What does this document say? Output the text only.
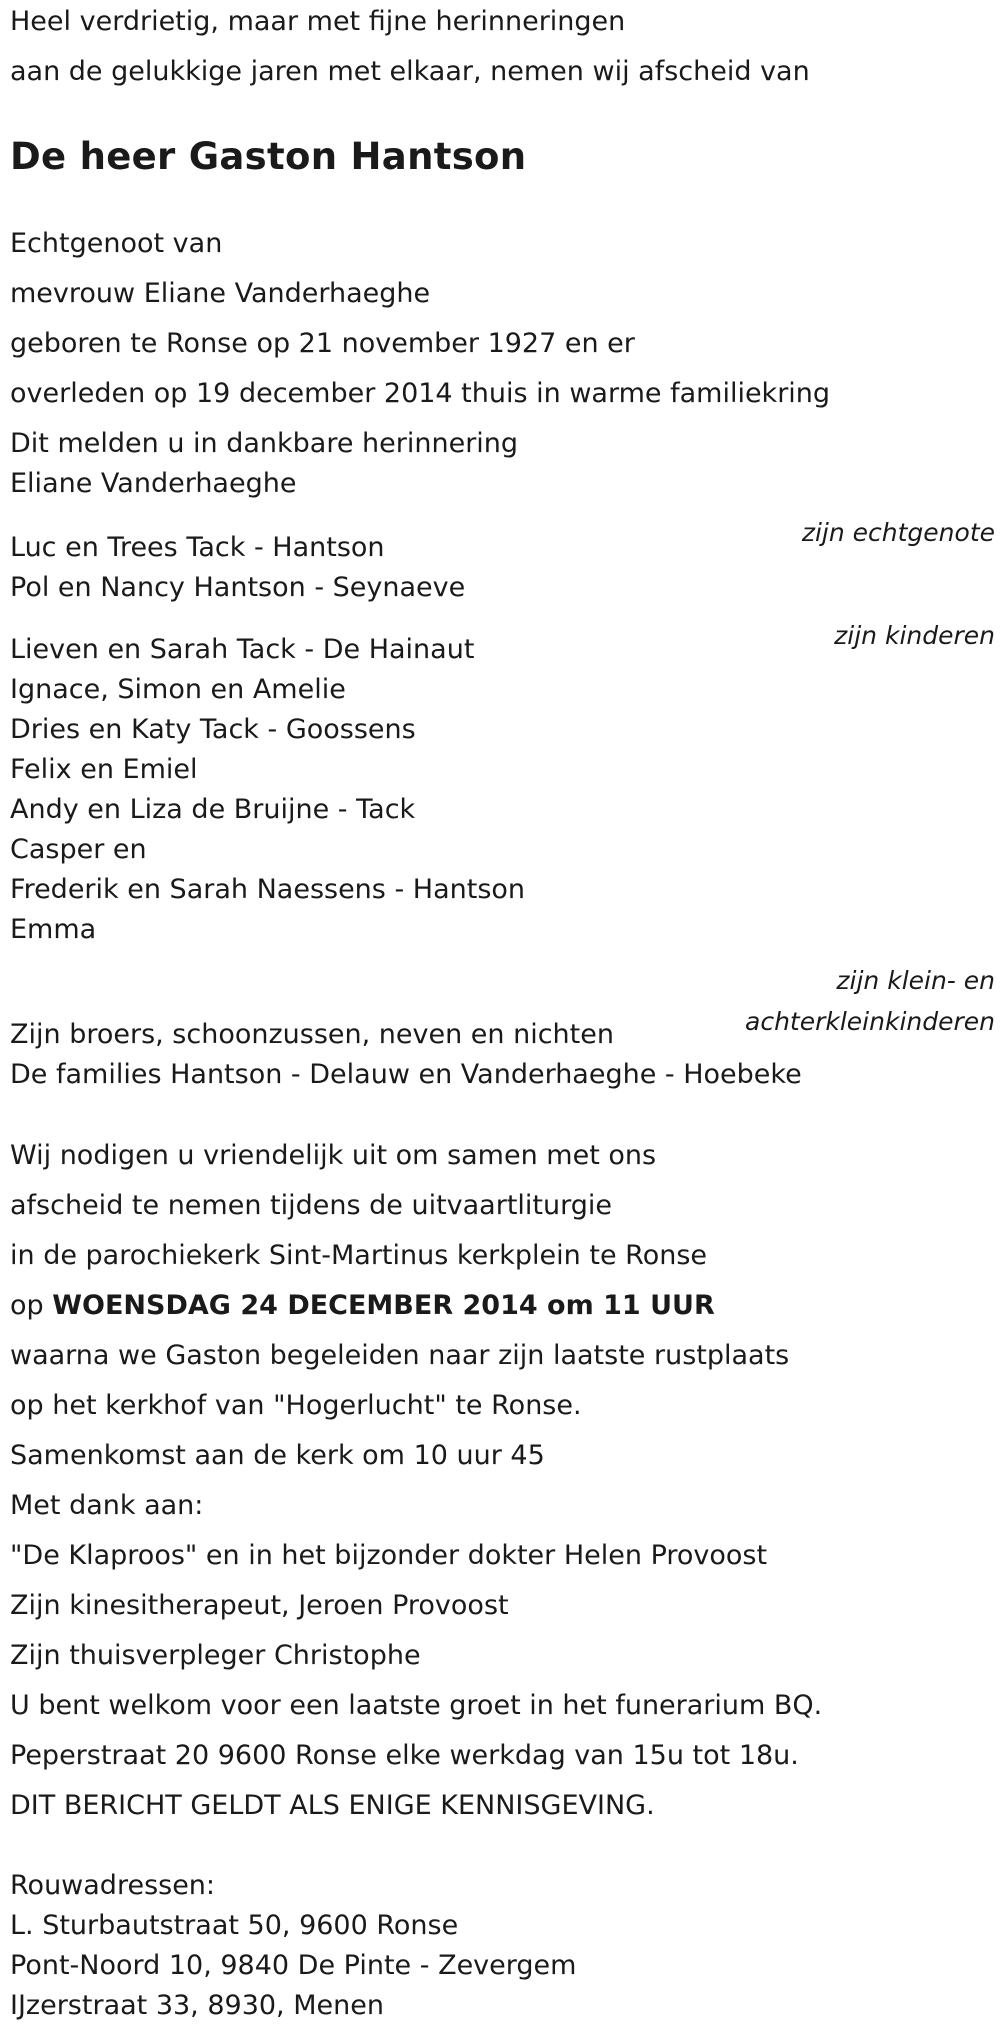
Heel verdrietig, maar met fijne herinneringen

aan de gelukkige jaren met elkaar, nemen wij afscheid van

De heer Gaston Hantson

Echtgenoot van

mevrouw Eliane Vanderhaeghe

geboren te Ronse op 21 november 1927 en er

overleden op 19 december 2014 thuis in warme familiekring

Dit melden u in dankbare herinnering

Eliane Vanderhaeghe

zijn echtgenote

Luc en Trees Tack - Hantson

Pol en Nancy Hantson - Seynaeve

zijn kinderen

Lieven en Sarah Tack - De Hainaut

Ignace, Simon en Amelie

Dries en Katy Tack - Goossens

Felix en Emiel

Andy en Liza de Bruijne - Tack

Casper en

Frederik en Sarah Naessens - Hantson

Emma

zijn klein- en

achterkleinkinderen

Zijn broers, schoonzussen, neven en nichten

De families Hantson - Delauw en Vanderhaeghe - Hoebeke

Wij nodigen u vriendelijk uit om samen met ons

afscheid te nemen tijdens de uitvaartliturgie

in de parochiekerk Sint-Martinus kerkplein te Ronse

op WOENSDAG 24 DECEMBER 2014 om 11 UUR

waarna we Gaston begeleiden naar zijn laatste rustplaats

op het kerkhof van "Hogerlucht" te Ronse.

Samenkomst aan de kerk om 10 uur 45

Met dank aan:

"De Klaproos" en in het bijzonder dokter Helen Provoost

Zijn kinesitherapeut, Jeroen Provoost

Zijn thuisverpleger Christophe

U bent welkom voor een laatste groet in het funerarium BQ.

Peperstraat 20 9600 Ronse elke werkdag van 15u tot 18u.

DIT BERICHT GELDT ALS ENIGE KENNISGEVING.

Rouwadressen:

L. Sturbautstraat 50, 9600 Ronse

Pont-Noord 10, 9840 De Pinte - Zevergem

IJzerstraat 33, 8930, Menen
